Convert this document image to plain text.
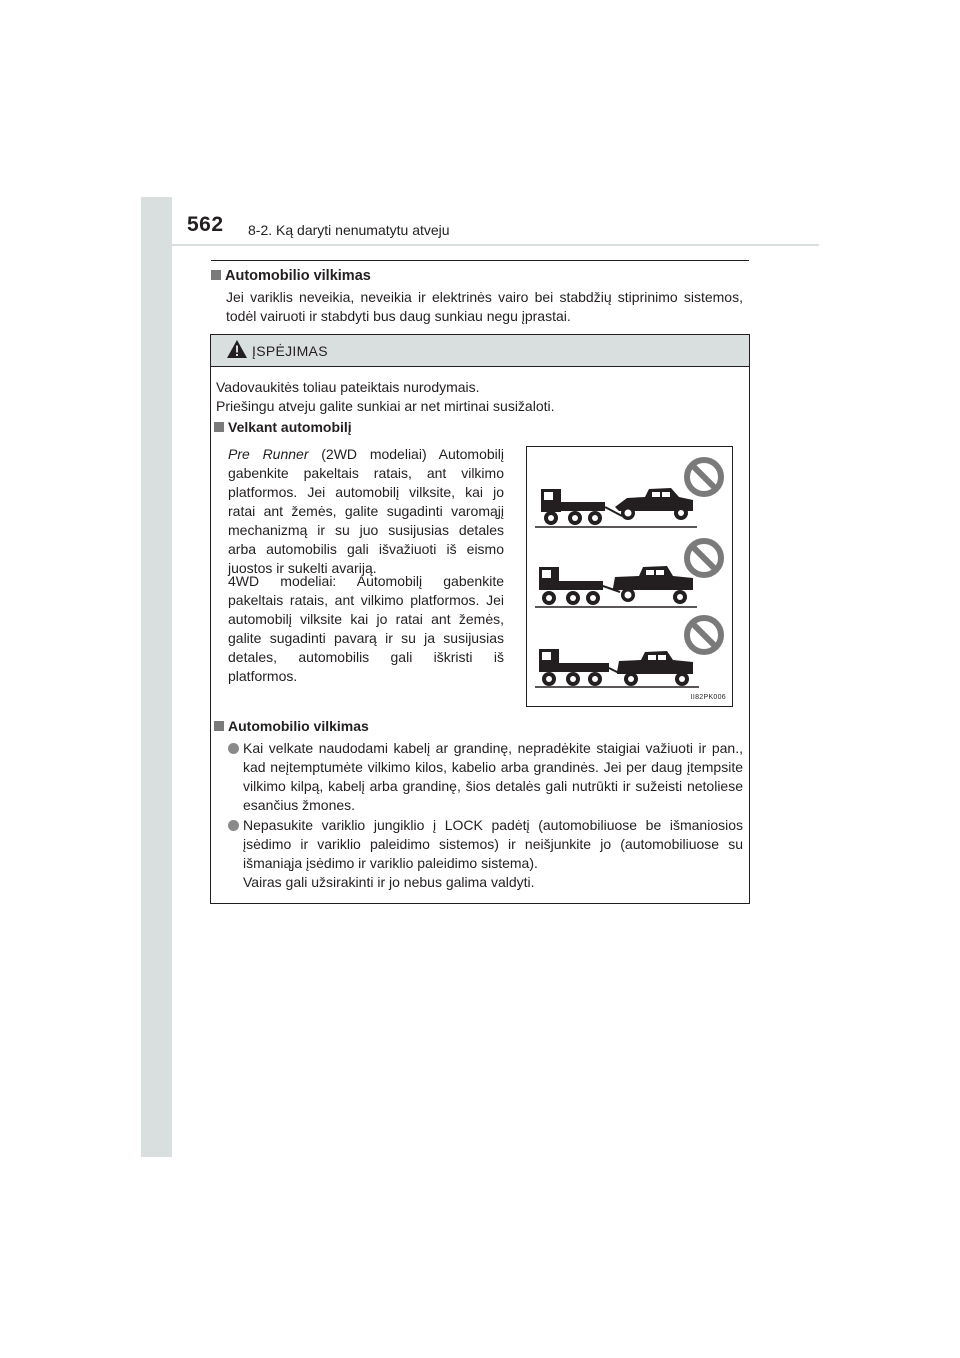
562 8-2. Ką daryti nenumatytu atveju
Automobilio vilkimas
Jei variklis neveikia, neveikia ir elektrinės vairo bei stabdžių stiprinimo sistemos, todėl vairuoti ir stabdyti bus daug sunkiau negu įprastai.
ĮSPĖJIMAS
Vadovaukitės toliau pateiktais nurodymais.
Priešingu atveju galite sunkiai ar net mirtinai susižaloti.
Velkant automobilį
Pre Runner (2WD modeliai) Automobilį gabenkite pakeltais ratais, ant vilkimo platformos. Jei automobilį vilksite, kai jo ratai ant žemės, galite sugadinti varomąjį mechanizmą ir su juo susijusias detales arba automobilis gali išvažiuoti iš eismo juostos ir sukelti avariją.
4WD modeliai: Automobilį gabenkite pakeltais ratais, ant vilkimo platformos. Jei automobilį vilksite kai jo ratai ant žemės, galite sugadinti pavarą ir su ja susijusias detales, automobilis gali iškristi iš platformos.
II82PK006
Automobilio vilkimas
Kai velkate naudodami kabelį ar grandinę, nepradėkite staigiai važiuoti ir pan., kad neįtemptumėte vilkimo kilos, kabelio arba grandinės. Jei per daug įtempsite vilkimo kilpą, kabelį arba grandinę, šios detalės gali nutrūkti ir sužeisti netoliese esančius žmones.
Nepasukite variklio jungiklio į LOCK padėtį (automobiliuose be išmaniosios įsėdimo ir variklio paleidimo sistemos) ir neišjunkite jo (automobiliuose su išmaniąja įsėdimo ir variklio paleidimo sistema).
Vairas gali užsirakinti ir jo nebus galima valdyti.
